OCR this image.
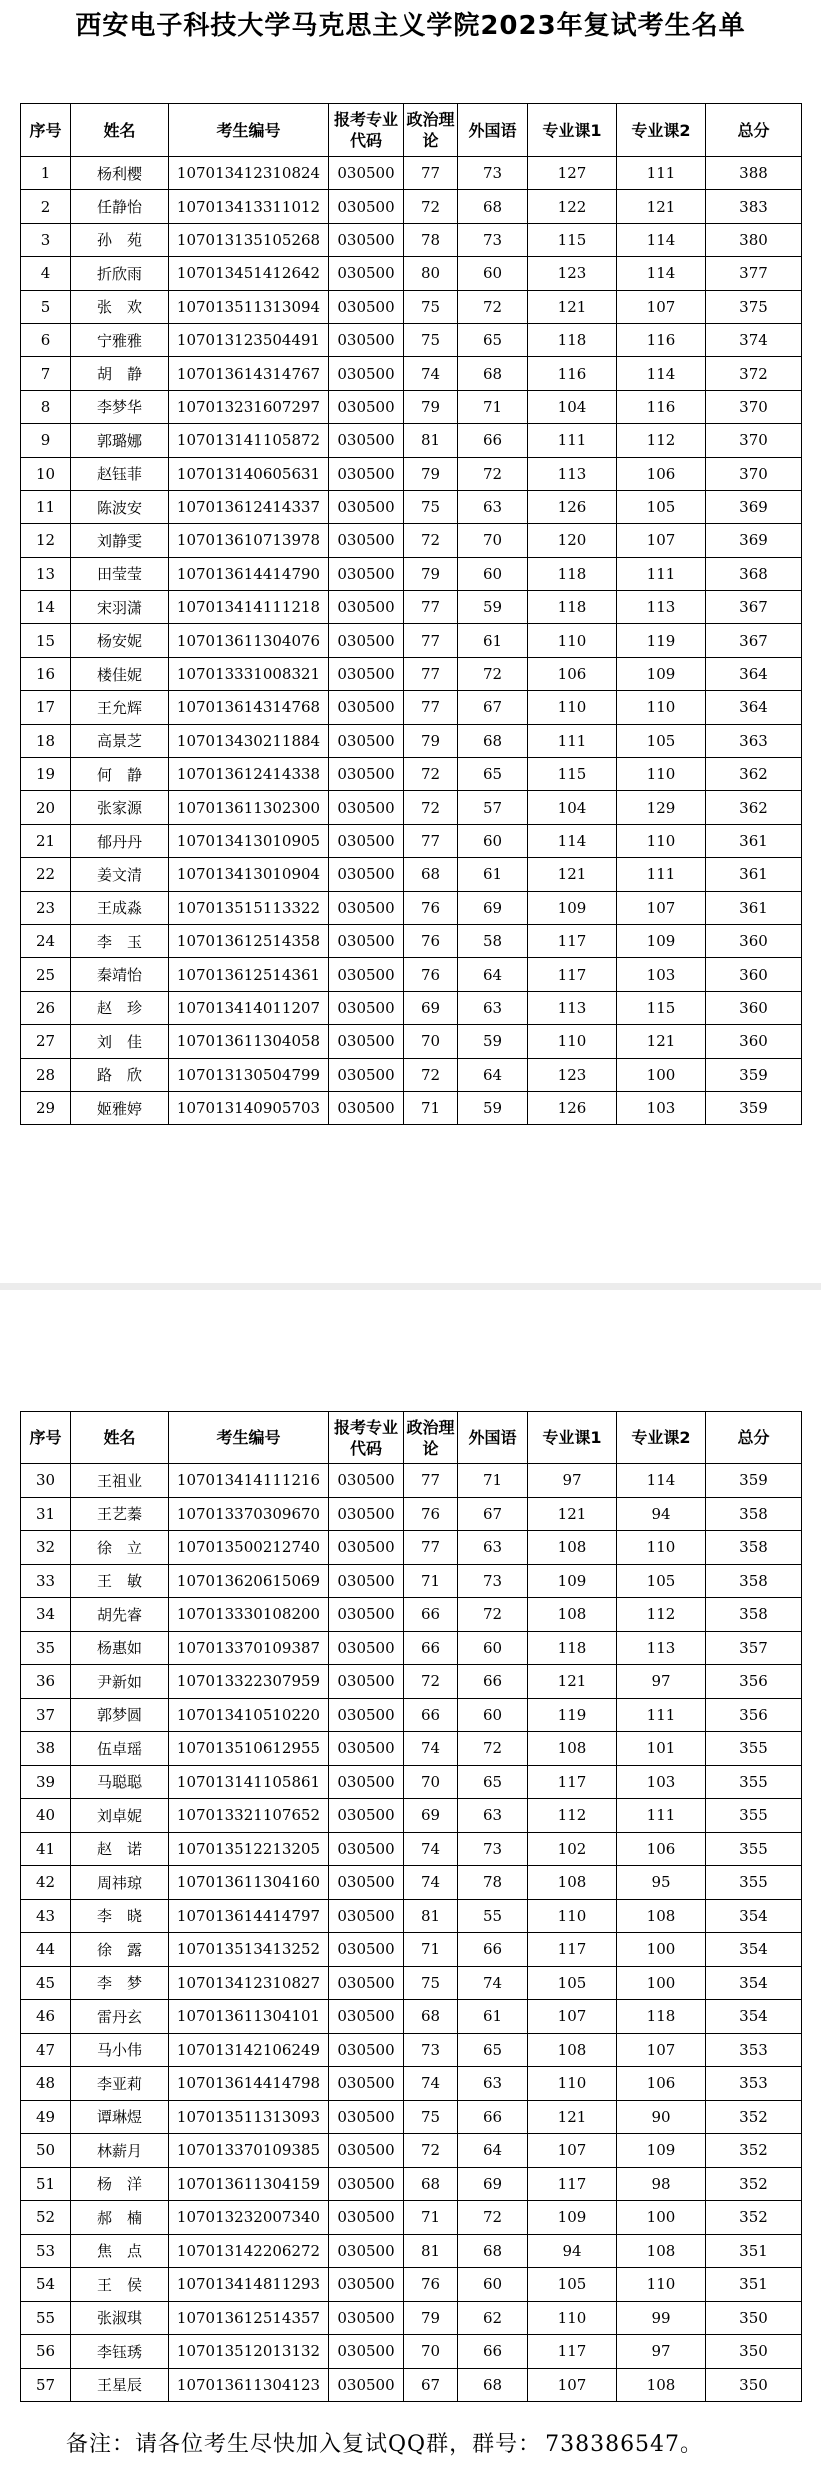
西安电子科技大学马克思主义学院2023年复试考生名单
序号	姓名	考生编号	报考专业代码	政治理论	外国语	专业课1	专业课2	总分
1	杨利樱	107013412310824	030500	77	73	127	111	388
2	任静怡	107013413311012	030500	72	68	122	121	383
3	孙　苑	107013135105268	030500	78	73	115	114	380
4	折欣雨	107013451412642	030500	80	60	123	114	377
5	张　欢	107013511313094	030500	75	72	121	107	375
6	宁雅雅	107013123504491	030500	75	65	118	116	374
7	胡　静	107013614314767	030500	74	68	116	114	372
8	李梦华	107013231607297	030500	79	71	104	116	370
9	郭璐娜	107013141105872	030500	81	66	111	112	370
10	赵钰菲	107013140605631	030500	79	72	113	106	370
11	陈波安	107013612414337	030500	75	63	126	105	369
12	刘静雯	107013610713978	030500	72	70	120	107	369
13	田莹莹	107013614414790	030500	79	60	118	111	368
14	宋羽潇	107013414111218	030500	77	59	118	113	367
15	杨安妮	107013611304076	030500	77	61	110	119	367
16	楼佳妮	107013331008321	030500	77	72	106	109	364
17	王允辉	107013614314768	030500	77	67	110	110	364
18	高景芝	107013430211884	030500	79	68	111	105	363
19	何　静	107013612414338	030500	72	65	115	110	362
20	张家源	107013611302300	030500	72	57	104	129	362
21	郁丹丹	107013413010905	030500	77	60	114	110	361
22	姜文清	107013413010904	030500	68	61	121	111	361
23	王成淼	107013515113322	030500	76	69	109	107	361
24	李　玉	107013612514358	030500	76	58	117	109	360
25	秦靖怡	107013612514361	030500	76	64	117	103	360
26	赵　珍	107013414011207	030500	69	63	113	115	360
27	刘　佳	107013611304058	030500	70	59	110	121	360
28	路　欣	107013130504799	030500	72	64	123	100	359
29	姬雅婷	107013140905703	030500	71	59	126	103	359
序号	姓名	考生编号	报考专业代码	政治理论	外国语	专业课1	专业课2	总分
30	王祖业	107013414111216	030500	77	71	97	114	359
31	王艺蓁	107013370309670	030500	76	67	121	94	358
32	徐　立	107013500212740	030500	77	63	108	110	358
33	王　敏	107013620615069	030500	71	73	109	105	358
34	胡先睿	107013330108200	030500	66	72	108	112	358
35	杨惠如	107013370109387	030500	66	60	118	113	357
36	尹新如	107013322307959	030500	72	66	121	97	356
37	郭梦圆	107013410510220	030500	66	60	119	111	356
38	伍卓瑶	107013510612955	030500	74	72	108	101	355
39	马聪聪	107013141105861	030500	70	65	117	103	355
40	刘卓妮	107013321107652	030500	69	63	112	111	355
41	赵　诺	107013512213205	030500	74	73	102	106	355
42	周祎琼	107013611304160	030500	74	78	108	95	355
43	李　晓	107013614414797	030500	81	55	110	108	354
44	徐　露	107013513413252	030500	71	66	117	100	354
45	李　梦	107013412310827	030500	75	74	105	100	354
46	雷丹玄	107013611304101	030500	68	61	107	118	354
47	马小伟	107013142106249	030500	73	65	108	107	353
48	李亚莉	107013614414798	030500	74	63	110	106	353
49	谭琳煜	107013511313093	030500	75	66	121	90	352
50	林薪月	107013370109385	030500	72	64	107	109	352
51	杨　洋	107013611304159	030500	68	69	117	98	352
52	郝　楠	107013232007340	030500	71	72	109	100	352
53	焦　点	107013142206272	030500	81	68	94	108	351
54	王　侯	107013414811293	030500	76	60	105	110	351
55	张淑琪	107013612514357	030500	79	62	110	99	350
56	李钰琇	107013512013132	030500	70	66	117	97	350
57	王星辰	107013611304123	030500	67	68	107	108	350
备注：请各位考生尽快加入复试QQ群，群号： 738386547。
